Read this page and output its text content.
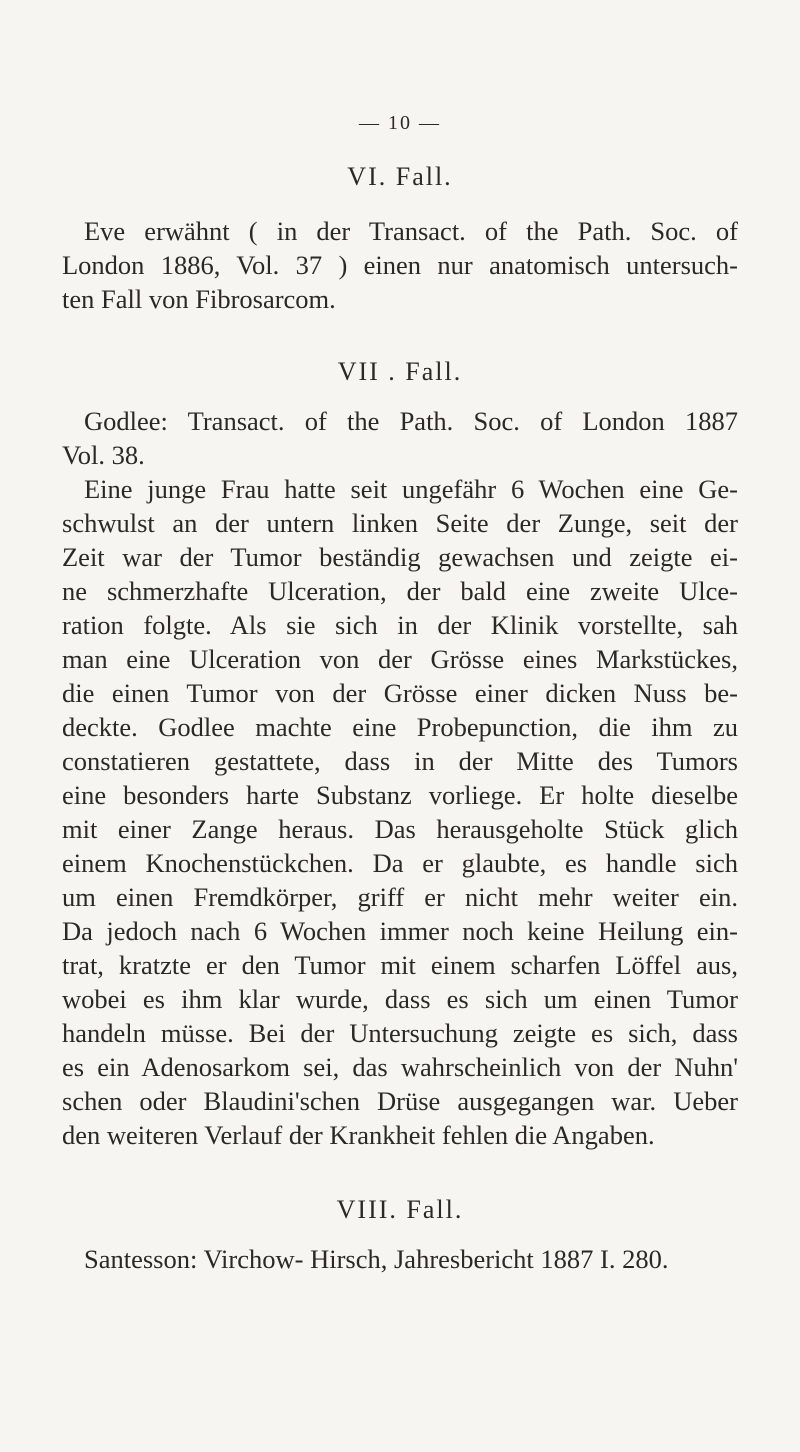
— 10 —
VI. Fall.
Eve erwähnt ( in der Transact. of the Path. Soc. of
London 1886, Vol. 37 ) einen nur anatomisch untersuch-
ten Fall von Fibrosarcom.
VII . Fall.
Godlee: Transact. of the Path. Soc. of London 1887
Vol. 38.
Eine junge Frau hatte seit ungefähr 6 Wochen eine Ge-
schwulst an der untern linken Seite der Zunge, seit der
Zeit war der Tumor beständig gewachsen und zeigte ei-
ne schmerzhafte Ulceration, der bald eine zweite Ulce-
ration folgte. Als sie sich in der Klinik vorstellte, sah
man eine Ulceration von der Grösse eines Markstückes,
die einen Tumor von der Grösse einer dicken Nuss be-
deckte. Godlee machte eine Probepunction, die ihm zu
constatieren gestattete, dass in der Mitte des Tumors
eine besonders harte Substanz vorliege. Er holte dieselbe
mit einer Zange heraus. Das herausgeholte Stück glich
einem Knochenstückchen. Da er glaubte, es handle sich
um einen Fremdkörper, griff er nicht mehr weiter ein.
Da jedoch nach 6 Wochen immer noch keine Heilung ein-
trat, kratzte er den Tumor mit einem scharfen Löffel aus,
wobei es ihm klar wurde, dass es sich um einen Tumor
handeln müsse. Bei der Untersuchung zeigte es sich, dass
es ein Adenosarkom sei, das wahrscheinlich von der Nuhn'
schen oder Blaudini'schen Drüse ausgegangen war. Ueber
den weiteren Verlauf der Krankheit fehlen die Angaben.
VIII. Fall.
Santesson: Virchow- Hirsch, Jahresbericht 1887 I. 280.
